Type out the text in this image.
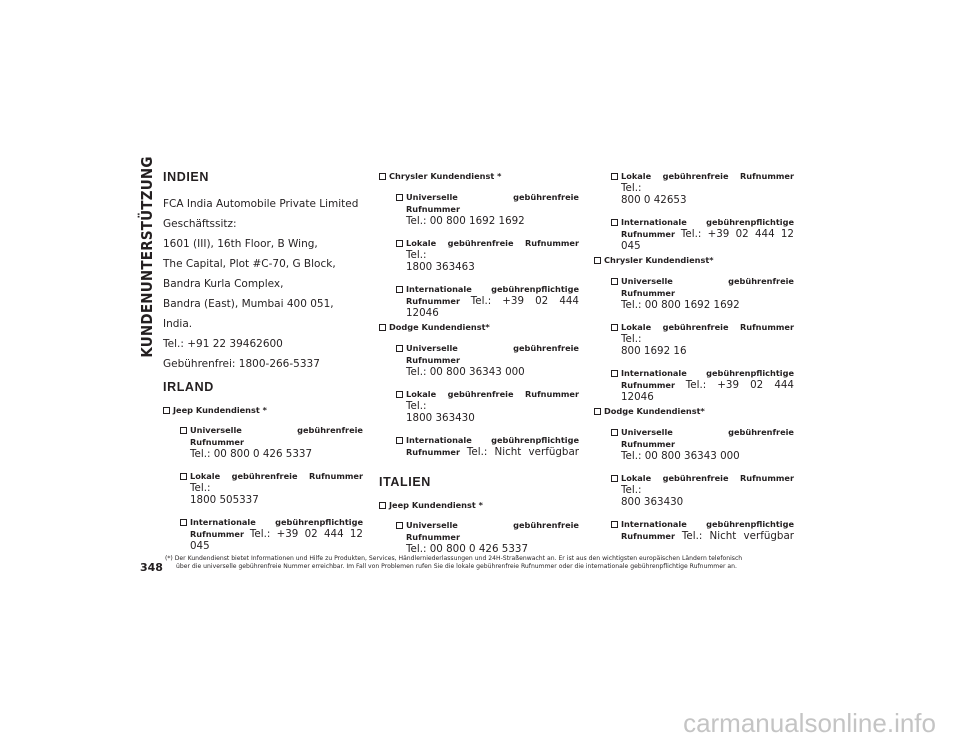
KUNDENUNTERSTÜTZUNG INDIEN

FCA India Automobile Private Limited

Geschäftssitz:

1601 (III), 16th Floor, B Wing,

The Capital, Plot #C-70, G Block,

Bandra Kurla Complex,

Bandra (East), Mumbai 400 051,

India.

Tel.: +91 22 39462600

Gebührenfrei: 1800-266-5337

IRLAND
Jeep Kundendienst *
Universelle gebührenfreie Rufnummer
Tel.: 00 800 0 426 5337
Lokale gebührenfreie Rufnummer Tel.:
1800 505337
Internationale gebührenpflichtige Rufnummer Tel.: +39 02 444 12 045
Chrysler Kundendienst *
Universelle gebührenfreie Rufnummer
Tel.: 00 800 1692 1692
Lokale gebührenfreie Rufnummer Tel.:
1800 363463
Internationale gebührenpflichtige Rufnummer Tel.: +39 02 444 12046
Dodge Kundendienst*
Universelle gebührenfreie Rufnummer
Tel.: 00 800 36343 000
Lokale gebührenfreie Rufnummer Tel.:
1800 363430
Internationale gebührenpflichtige Rufnummer Tel.: Nicht verfügbar
ITALIEN
Jeep Kundendienst *
Universelle gebührenfreie Rufnummer
Tel.: 00 800 0 426 5337
Lokale gebührenfreie Rufnummer Tel.:
800 0 42653
Internationale gebührenpflichtige Rufnummer Tel.: +39 02 444 12 045
Chrysler Kundendienst*
Universelle gebührenfreie Rufnummer
Tel.: 00 800 1692 1692
Lokale gebührenfreie Rufnummer Tel.:
800 1692 16
Internationale gebührenpflichtige Rufnummer Tel.: +39 02 444 12046
Dodge Kundendienst*
Universelle gebührenfreie Rufnummer
Tel.: 00 800 36343 000
Lokale gebührenfreie Rufnummer Tel.:
800 363430
Internationale gebührenpflichtige Rufnummer Tel.: Nicht verfügbar
348
(*) Der Kundendienst bietet Informationen und Hilfe zu Produkten, Services, Händlerniederlassungen und 24H-Straßenwacht an. Er ist aus den wichtigsten europäischen Ländern telefonisch
über die universelle gebührenfreie Nummer erreichbar. Im Fall von Problemen rufen Sie die lokale gebührenfreie Rufnummer oder die internationale gebührenpflichtige Rufnummer an.
carmanualsonline.info
